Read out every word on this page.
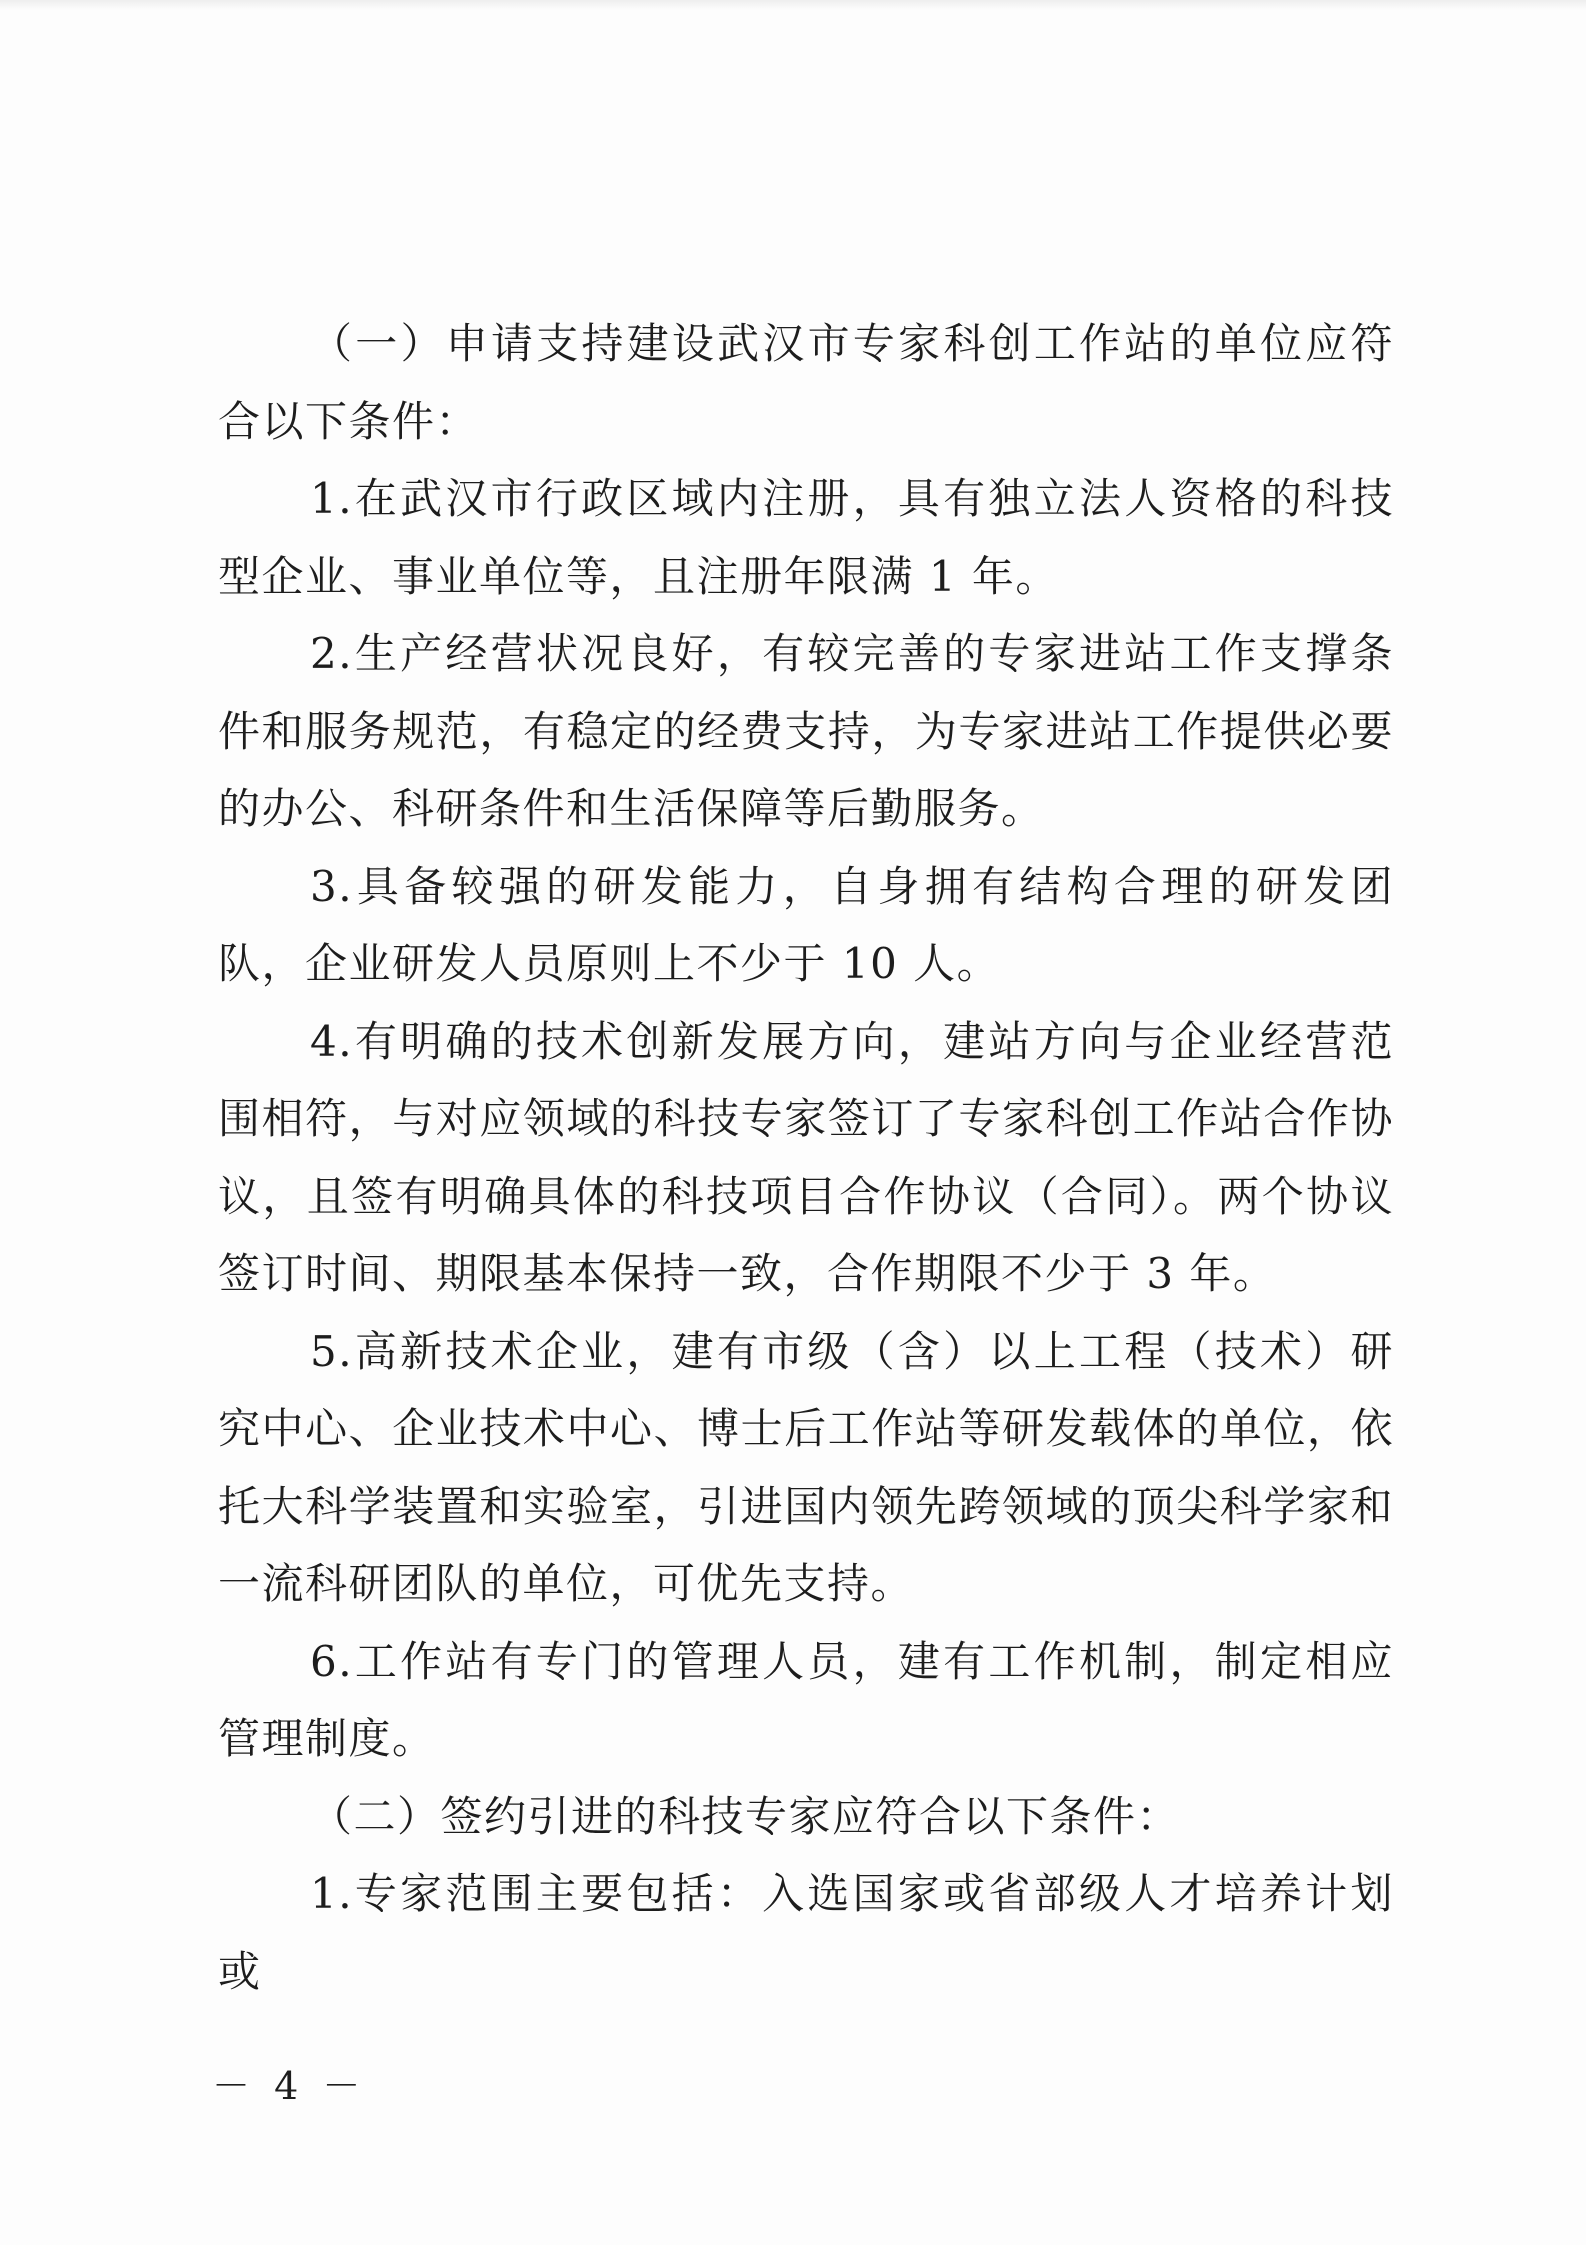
（一）申请支持建设武汉市专家科创工作站的单位应符合以下条件：

1.在武汉市行政区域内注册，具有独立法人资格的科技型企业、事业单位等，且注册年限满 1 年。

2.生产经营状况良好，有较完善的专家进站工作支撑条件和服务规范，有稳定的经费支持，为专家进站工作提供必要的办公、科研条件和生活保障等后勤服务。

3.具备较强的研发能力，自身拥有结构合理的研发团队，企业研发人员原则上不少于 10 人。

4.有明确的技术创新发展方向，建站方向与企业经营范围相符，与对应领域的科技专家签订了专家科创工作站合作协议，且签有明确具体的科技项目合作协议（合同）。两个协议签订时间、期限基本保持一致，合作期限不少于 3 年。

5.高新技术企业，建有市级（含）以上工程（技术）研究中心、企业技术中心、博士后工作站等研发载体的单位，依托大科学装置和实验室，引进国内领先跨领域的顶尖科学家和一流科研团队的单位，可优先支持。

6.工作站有专门的管理人员，建有工作机制，制定相应管理制度。

（二）签约引进的科技专家应符合以下条件：

1.专家范围主要包括：入选国家或省部级人才培养计划或

－ 4 －
